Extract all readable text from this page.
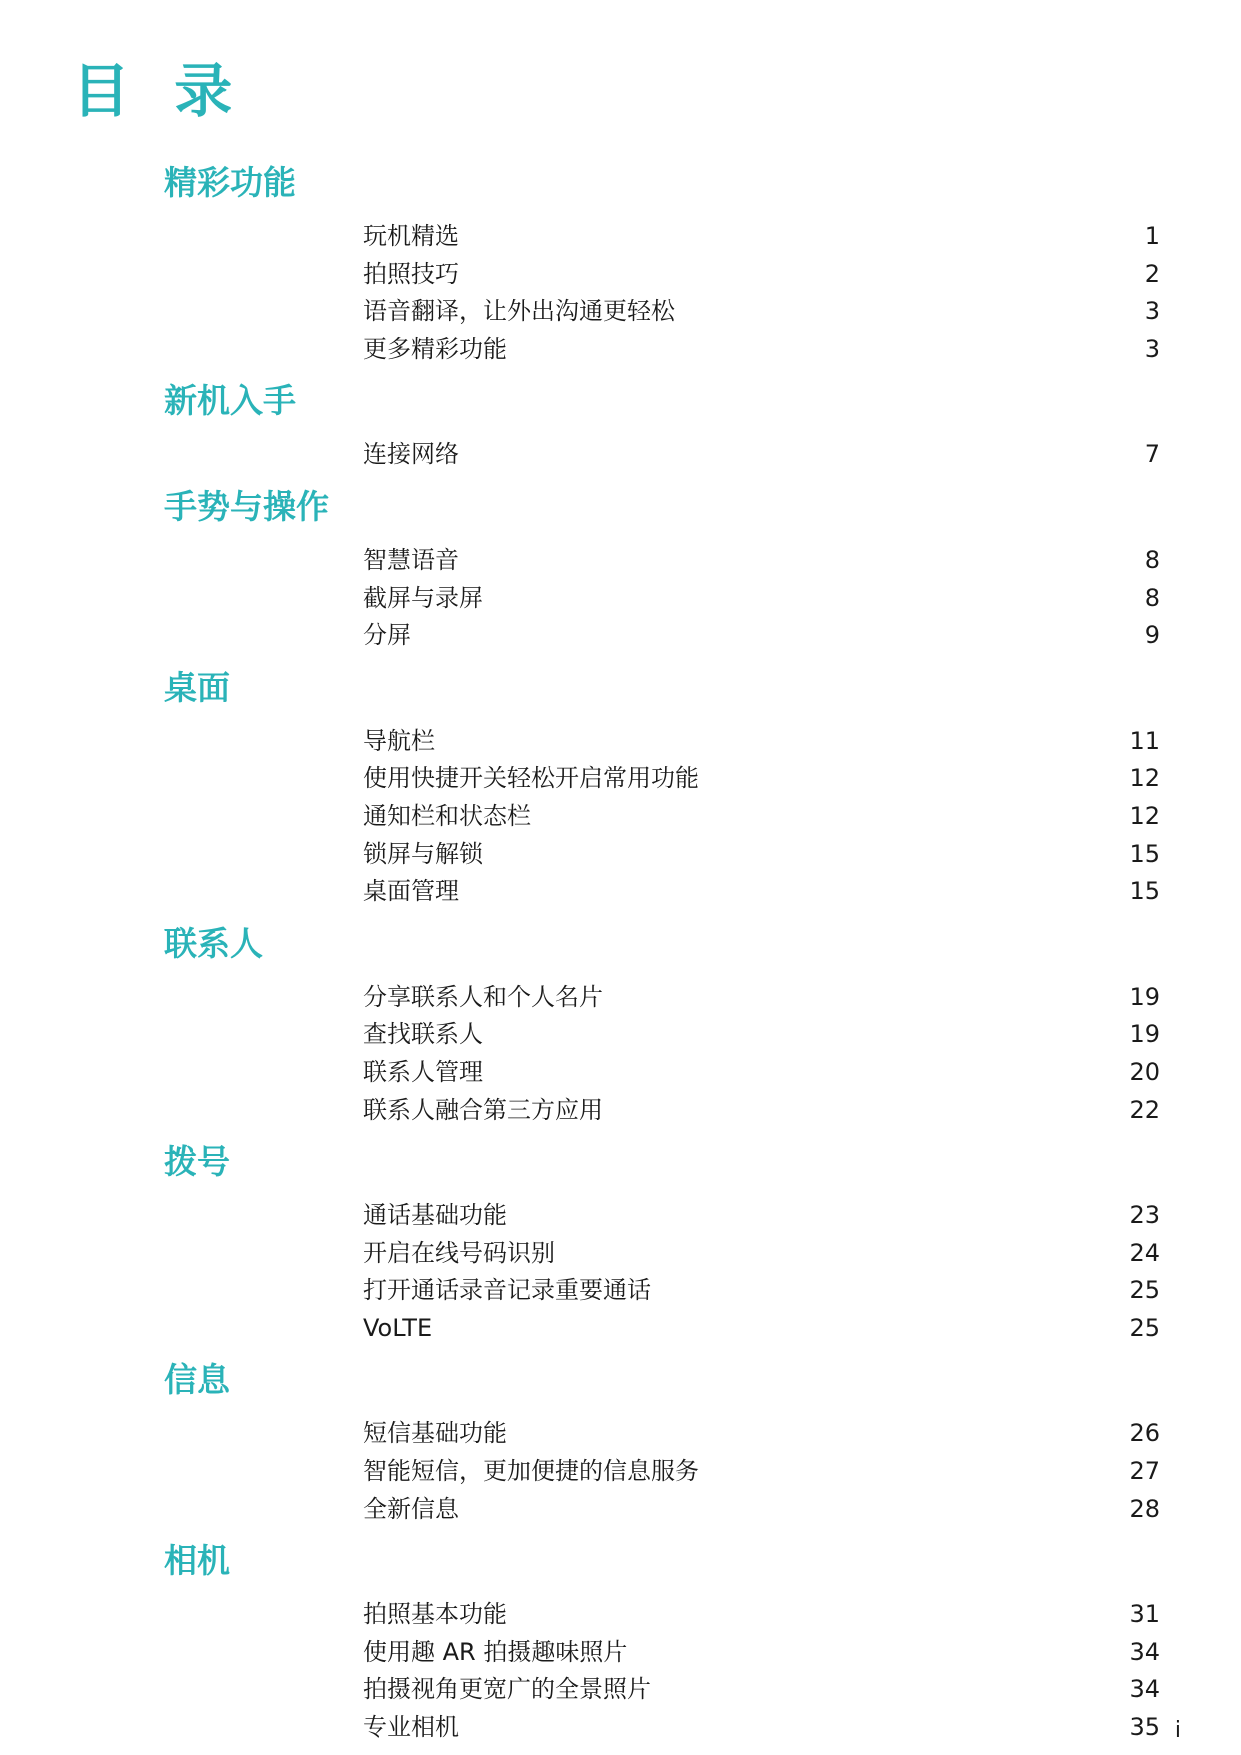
目 录
精彩功能
玩机精选	1
拍照技巧	2
语音翻译，让外出沟通更轻松	3
更多精彩功能	3
新机入手
连接网络	7
手势与操作
智慧语音	8
截屏与录屏	8
分屏	9
桌面
导航栏	11
使用快捷开关轻松开启常用功能	12
通知栏和状态栏	12
锁屏与解锁	15
桌面管理	15
联系人
分享联系人和个人名片	19
查找联系人	19
联系人管理	20
联系人融合第三方应用	22
拨号
通话基础功能	23
开启在线号码识别	24
打开通话录音记录重要通话	25
VoLTE	25
信息
短信基础功能	26
智能短信，更加便捷的信息服务	27
全新信息	28
相机
拍照基本功能	31
使用趣 AR 拍摄趣味照片	34
拍摄视角更宽广的全景照片	34
专业相机	35 i
